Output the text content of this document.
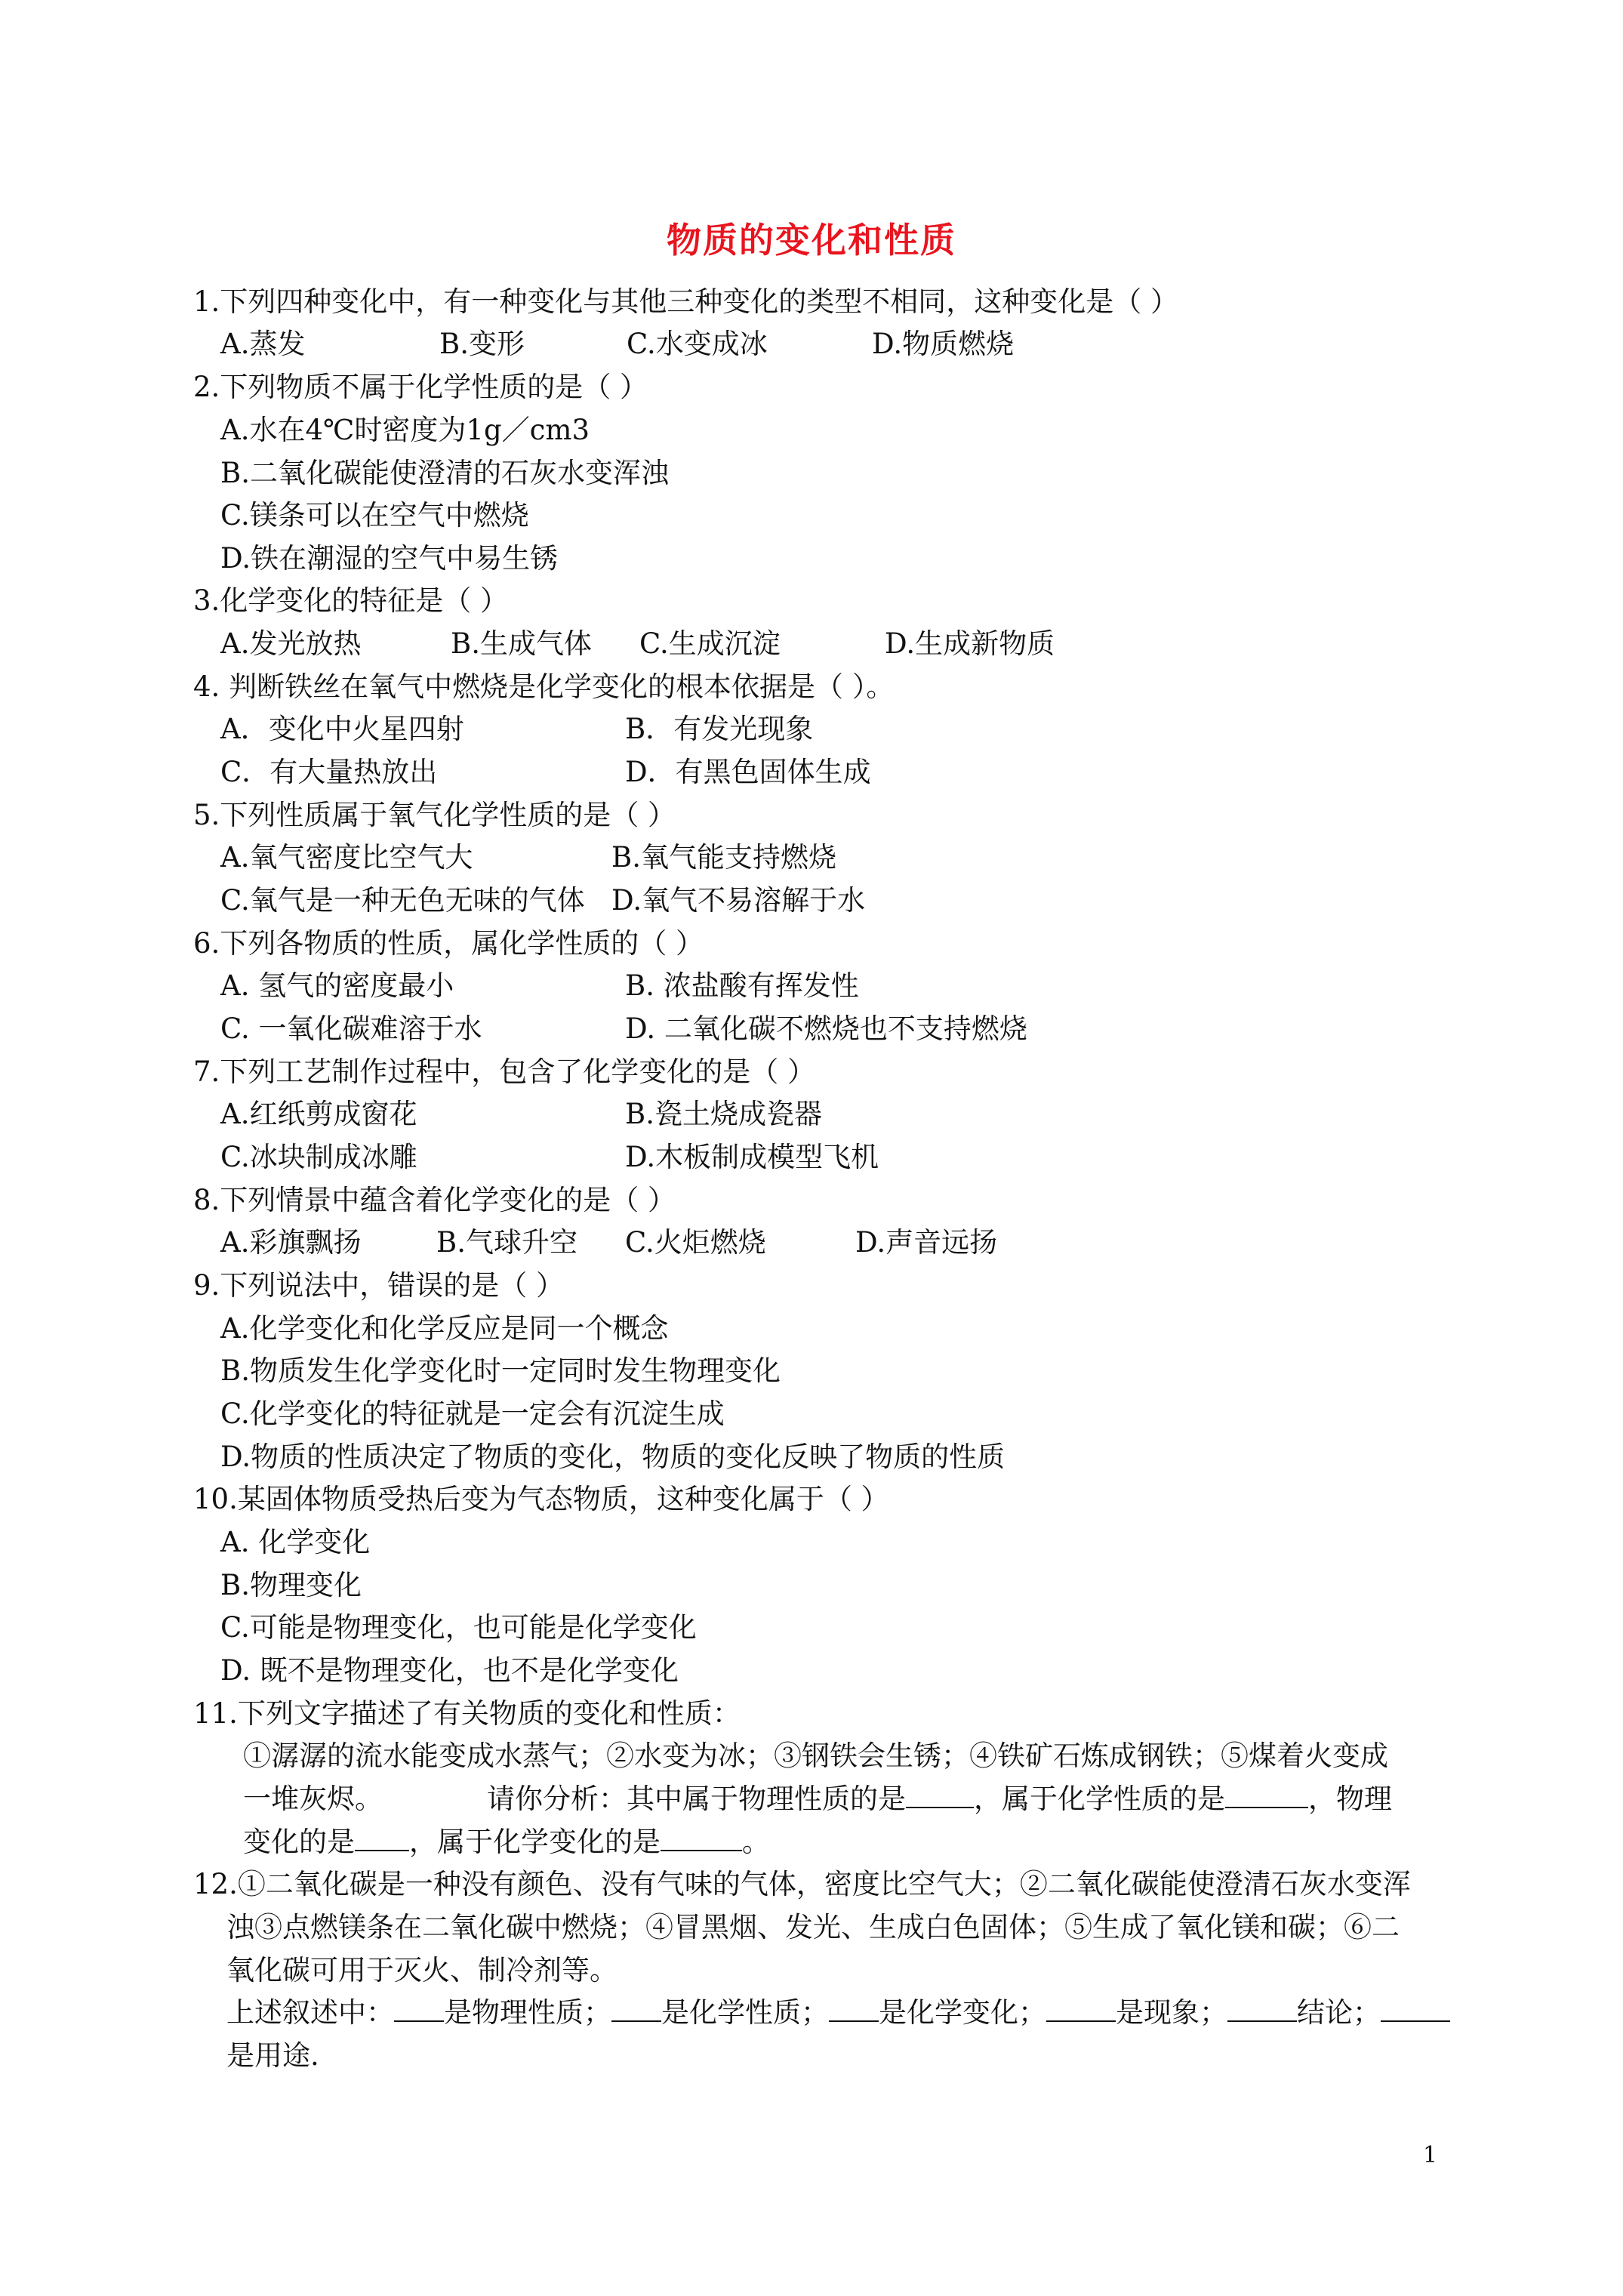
物质的变化和性质
1.下列四种变化中，有一种变化与其他三种变化的类型不相同，这种变化是（ ）
A.蒸发	B.变形	C.水变成冰	D.物质燃烧
2.下列物质不属于化学性质的是（ ）
A.水在4℃时密度为1g／cm3
B.二氧化碳能使澄清的石灰水变浑浊
C.镁条可以在空气中燃烧
D.铁在潮湿的空气中易生锈
3.化学变化的特征是（ ）
A.发光放热	B.生成气体 C.生成沉淀	D.生成新物质
4. 判断铁丝在氧气中燃烧是化学变化的根本依据是（ ）。
A．变化中火星四射	B．有发光现象
C．有大量热放出	D．有黑色固体生成
5.下列性质属于氧气化学性质的是（ ）
A.氧气密度比空气大	B.氧气能支持燃烧
C.氧气是一种无色无味的气体 D.氧气不易溶解于水
6.下列各物质的性质，属化学性质的（ ）
A. 氢气的密度最小	B. 浓盐酸有挥发性
C. 一氧化碳难溶于水	D. 二氧化碳不燃烧也不支持燃烧
7.下列工艺制作过程中，包含了化学变化的是（ ）
A.红纸剪成窗花	B.瓷土烧成瓷器
C.冰块制成冰雕	D.木板制成模型飞机
8.下列情景中蕴含着化学变化的是（ ）
A.彩旗飘扬	B.气球升空 C.火炬燃烧	D.声音远扬
9.下列说法中，错误的是（ ）
A.化学变化和化学反应是同一个概念
B.物质发生化学变化时一定同时发生物理变化
C.化学变化的特征就是一定会有沉淀生成
D.物质的性质决定了物质的变化，物质的变化反映了物质的性质
10.某固体物质受热后变为气态物质，这种变化属于（ ）
A. 化学变化
B.物理变化
C.可能是物理变化，也可能是化学变化
D. 既不是物理变化，也不是化学变化
11.下列文字描述了有关物质的变化和性质：
①潺潺的流水能变成水蒸气；②水变为冰；③钢铁会生锈；④铁矿石炼成钢铁；⑤煤着火变成
一堆灰烬。	请你分析：其中属于物理性质的是 ，属于化学性质的是	，物理
变化的是 ，属于化学变化的是	。
12.①二氧化碳是一种没有颜色、没有气味的气体，密度比空气大；②二氧化碳能使澄清石灰水变浑
浊③点燃镁条在二氧化碳中燃烧；④冒黑烟、发光、生成白色固体；⑤生成了氧化镁和碳；⑥二
氧化碳可用于灭火、制冷剂等。
上述叙述中： 是物理性质； 是化学性质； 是化学变化； 是现象； 结论；
是用途.
1
